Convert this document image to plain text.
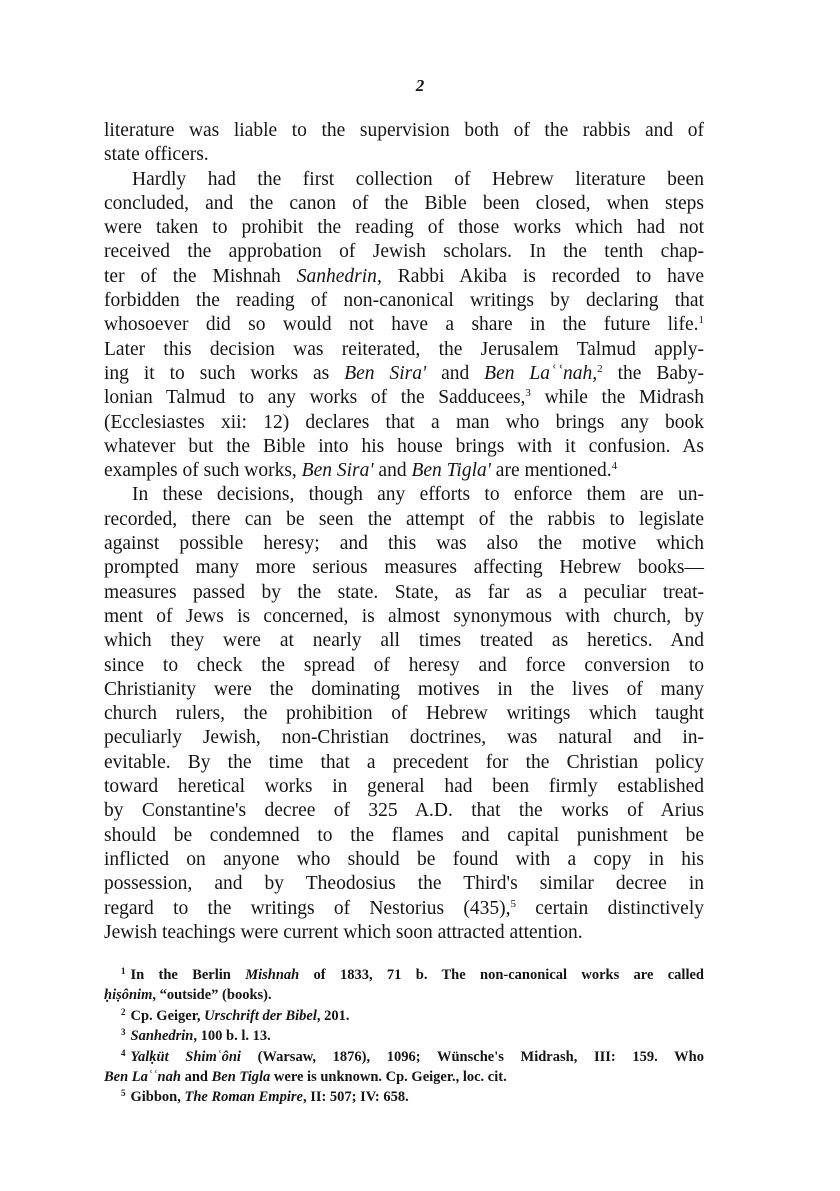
2
literature was liable to the supervision both of the rabbis and of
state officers.
Hardly had the first collection of Hebrew literature been
concluded, and the canon of the Bible been closed, when steps
were taken to prohibit the reading of those works which had not
received the approbation of Jewish scholars. In the tenth chap-
ter of the Mishnah Sanhedrin, Rabbi Akiba is recorded to have
forbidden the reading of non-canonical writings by declaring that
whosoever did so would not have a share in the future life.$^1$
Later this decision was reiterated, the Jerusalem Talmud apply-
ing it to such works as Ben Sira' and Ben Laʿʿnah,$^2$ the Baby-
lonian Talmud to any works of the Sadducees,$^3$ while the Midrash
(Ecclesiastes xii: 12) declares that a man who brings any book
whatever but the Bible into his house brings with it confusion. As
examples of such works, Ben Sira' and Ben Tigla' are mentioned.$^4$
In these decisions, though any efforts to enforce them are un-
recorded, there can be seen the attempt of the rabbis to legislate
against possible heresy; and this was also the motive which
prompted many more serious measures affecting Hebrew books—
measures passed by the state. State, as far as a peculiar treat-
ment of Jews is concerned, is almost synonymous with church, by
which they were at nearly all times treated as heretics. And
since to check the spread of heresy and force conversion to
Christianity were the dominating motives in the lives of many
church rulers, the prohibition of Hebrew writings which taught
peculiarly Jewish, non-Christian doctrines, was natural and in-
evitable. By the time that a precedent for the Christian policy
toward heretical works in general had been firmly established
by Constantine's decree of 325 A.D. that the works of Arius
should be condemned to the flames and capital punishment be
inflicted on anyone who should be found with a copy in his
possession, and by Theodosius the Third's similar decree in
regard to the writings of Nestorius (435),$^5$ certain distinctively
Jewish teachings were current which soon attracted attention.
$^1$ In the Berlin Mishnah of 1833, 71 b. The non-canonical works are called
ḥiṣônim, “outside” (books).
$^2$ Cp. Geiger, Urschrift der Bibel, 201.
$^3$ Sanhedrin, 100 b. l. 13.
$^4$ Yalḳüt Shimʿôni (Warsaw, 1876), 1096; Wünsche's Midrash, III: 159. Who
Ben Laʿʿnah and Ben Tigla were is unknown. Cp. Geiger., loc. cit.
$^5$ Gibbon, The Roman Empire, II: 507; IV: 658.
